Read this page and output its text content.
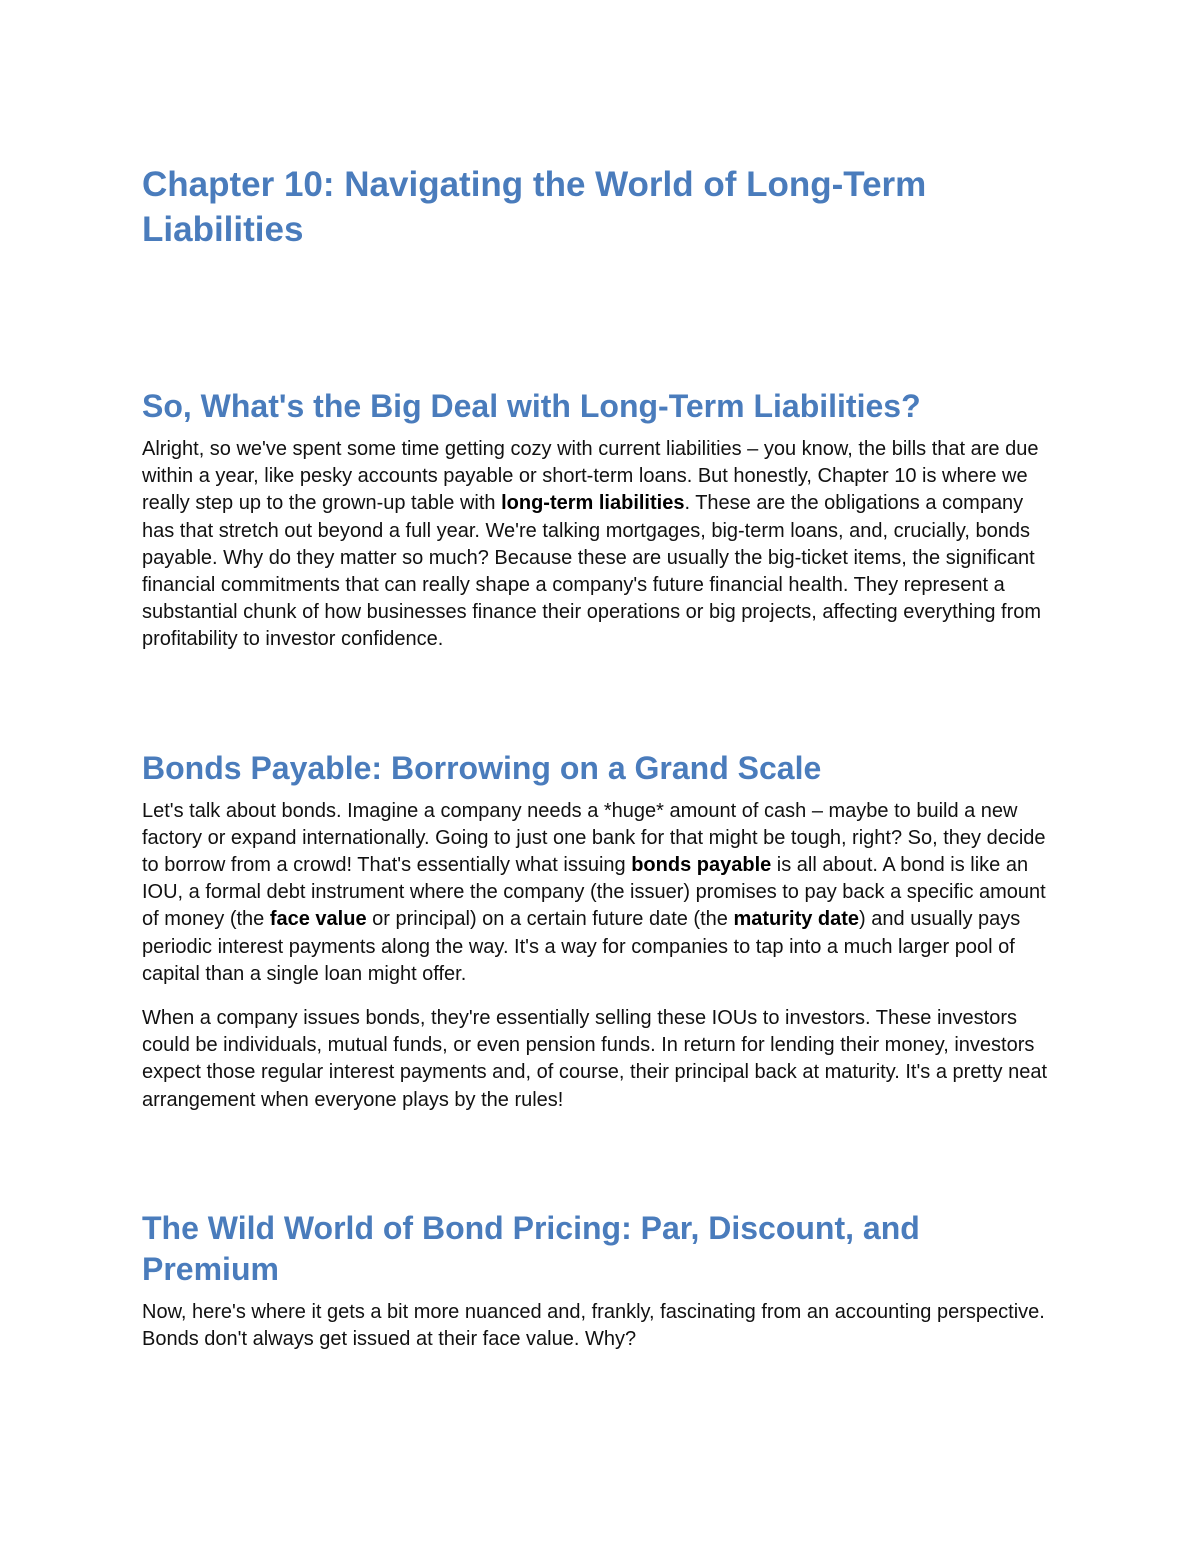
Chapter 10: Navigating the World of Long-Term Liabilities
So, What's the Big Deal with Long-Term Liabilities?

Alright, so we've spent some time getting cozy with current liabilities – you know, the bills that are due within a year, like pesky accounts payable or short-term loans. But honestly, Chapter 10 is where we really step up to the grown-up table with long-term liabilities. These are the obligations a company has that stretch out beyond a full year. We're talking mortgages, big-term loans, and, crucially, bonds payable. Why do they matter so much? Because these are usually the big-ticket items, the significant financial commitments that can really shape a company's future financial health. They represent a substantial chunk of how businesses finance their operations or big projects, affecting everything from profitability to investor confidence.

Bonds Payable: Borrowing on a Grand Scale

Let's talk about bonds. Imagine a company needs a *huge* amount of cash – maybe to build a new factory or expand internationally. Going to just one bank for that might be tough, right? So, they decide to borrow from a crowd! That's essentially what issuing bonds payable is all about. A bond is like an IOU, a formal debt instrument where the company (the issuer) promises to pay back a specific amount of money (the face value or principal) on a certain future date (the maturity date) and usually pays periodic interest payments along the way. It's a way for companies to tap into a much larger pool of capital than a single loan might offer.

When a company issues bonds, they're essentially selling these IOUs to investors. These investors could be individuals, mutual funds, or even pension funds. In return for lending their money, investors expect those regular interest payments and, of course, their principal back at maturity. It's a pretty neat arrangement when everyone plays by the rules!

The Wild World of Bond Pricing: Par, Discount, and Premium

Now, here's where it gets a bit more nuanced and, frankly, fascinating from an accounting perspective. Bonds don't always get issued at their face value. Why?
